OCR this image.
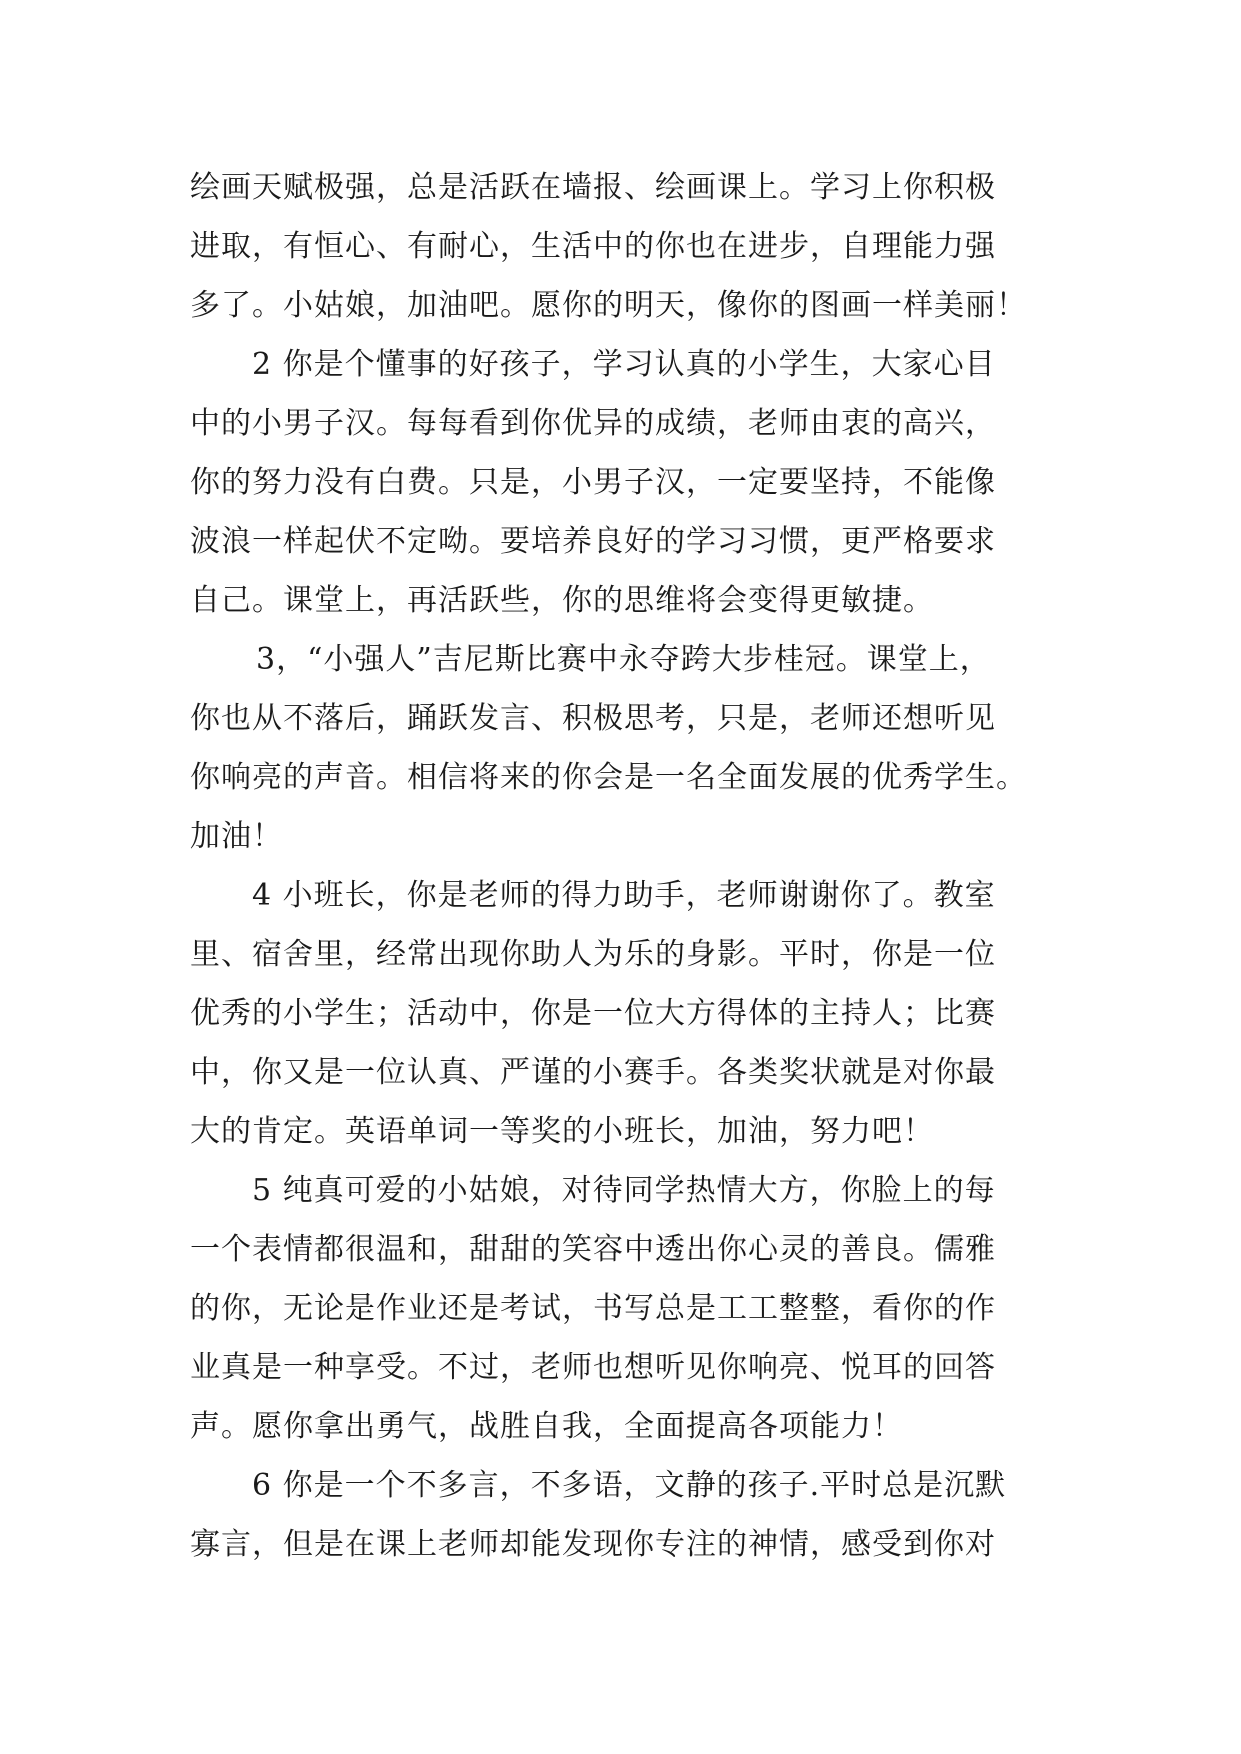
绘画天赋极强，总是活跃在墙报、绘画课上。学习上你积极
进取，有恒心、有耐心，生活中的你也在进步，自理能力强
多了。小姑娘，加油吧。愿你的明天，像你的图画一样美丽！
2 你是个懂事的好孩子，学习认真的小学生，大家心目
中的小男子汉。每每看到你优异的成绩，老师由衷的高兴，
你的努力没有白费。只是，小男子汉，一定要坚持，不能像
波浪一样起伏不定呦。要培养良好的学习习惯，更严格要求
自己。课堂上，再活跃些，你的思维将会变得更敏捷。
3，“小强人”吉尼斯比赛中永夺跨大步桂冠。课堂上，
你也从不落后，踊跃发言、积极思考，只是，老师还想听见
你响亮的声音。相信将来的你会是一名全面发展的优秀学生。
加油！
4 小班长，你是老师的得力助手，老师谢谢你了。教室
里、宿舍里，经常出现你助人为乐的身影。平时，你是一位
优秀的小学生；活动中，你是一位大方得体的主持人；比赛
中，你又是一位认真、严谨的小赛手。各类奖状就是对你最
大的肯定。英语单词一等奖的小班长，加油，努力吧！
5 纯真可爱的小姑娘，对待同学热情大方，你脸上的每
一个表情都很温和，甜甜的笑容中透出你心灵的善良。儒雅
的你，无论是作业还是考试，书写总是工工整整，看你的作
业真是一种享受。不过，老师也想听见你响亮、悦耳的回答
声。愿你拿出勇气，战胜自我，全面提高各项能力！
6 你是一个不多言，不多语，文静的孩子.平时总是沉默
寡言，但是在课上老师却能发现你专注的神情，感受到你对
